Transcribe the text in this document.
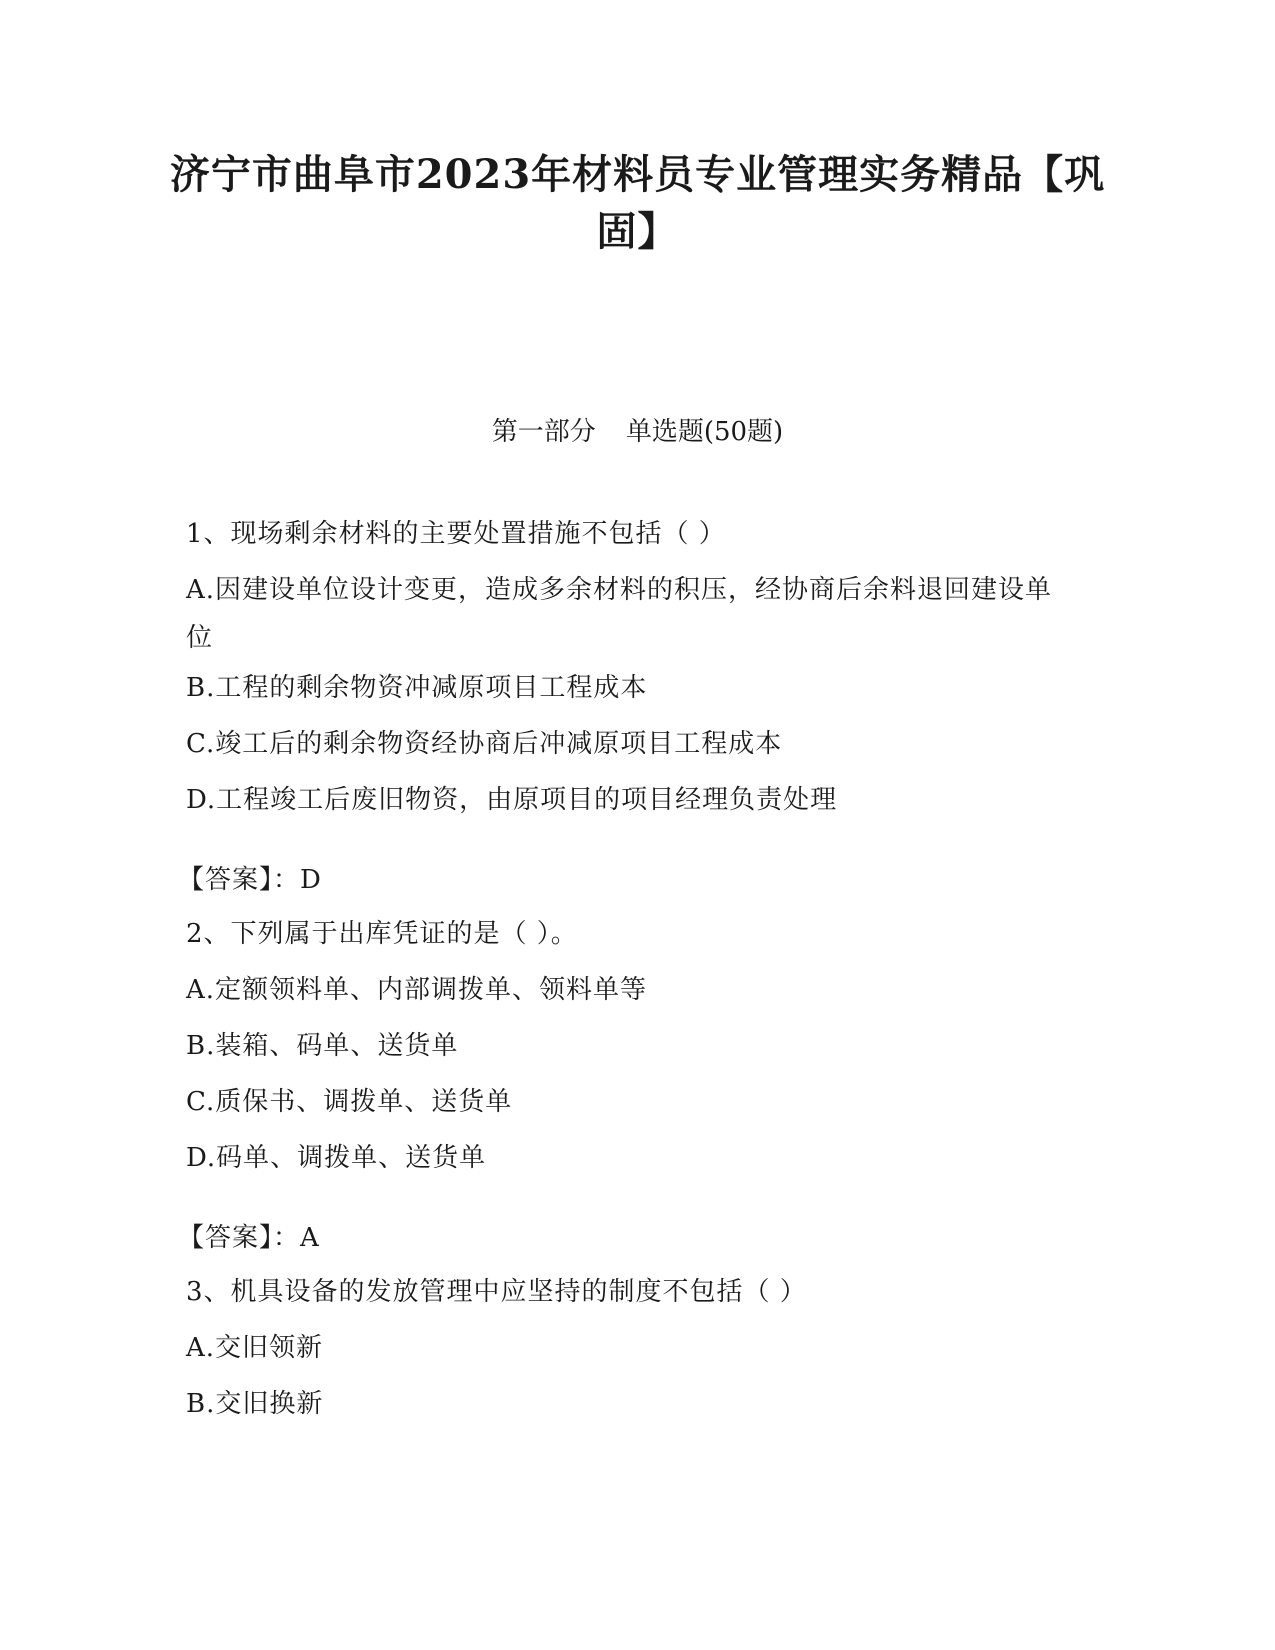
济宁市曲阜市2023年材料员专业管理实务精品【巩固】
第一部分 单选题(50题)
1、现场剩余材料的主要处置措施不包括（ ）
A.因建设单位设计变更，造成多余材料的积压，经协商后余料退回建设单位
B.工程的剩余物资冲减原项目工程成本
C.竣工后的剩余物资经协商后冲减原项目工程成本
D.工程竣工后废旧物资，由原项目的项目经理负责处理
【答案】：D
2、下列属于出库凭证的是（ ）。
A.定额领料单、内部调拨单、领料单等
B.装箱、码单、送货单
C.质保书、调拨单、送货单
D.码单、调拨单、送货单
【答案】：A
3、机具设备的发放管理中应坚持的制度不包括（ ）
A.交旧领新
B.交旧换新
